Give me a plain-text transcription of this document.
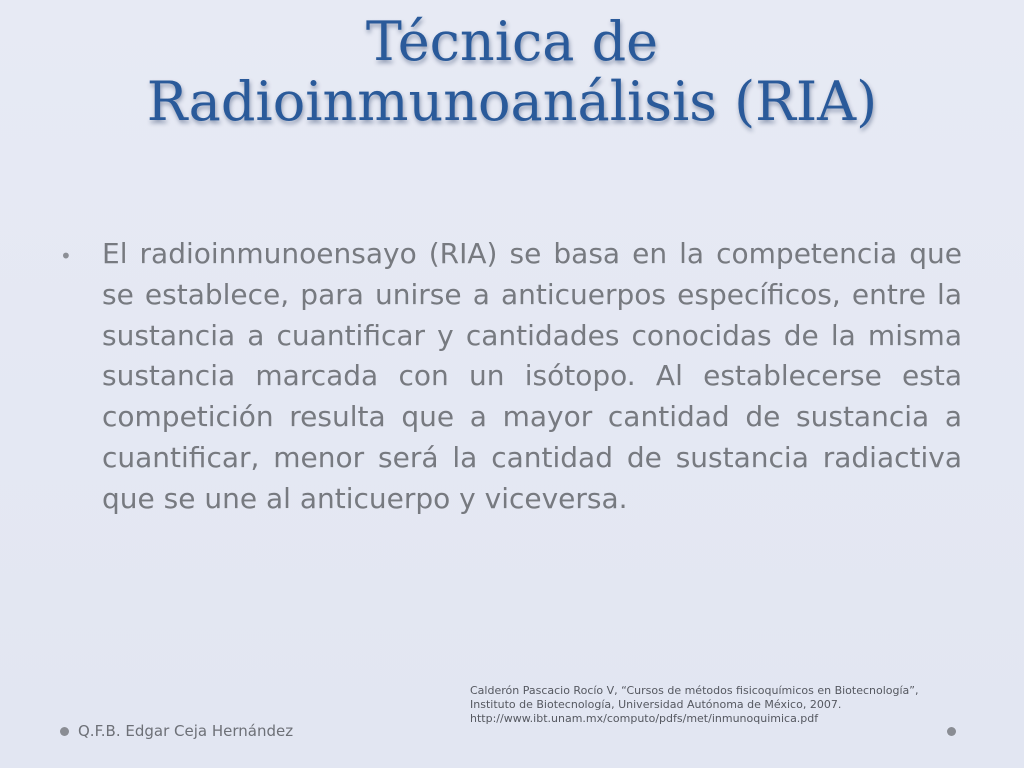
Técnica de
Radioinmunoanálisis (RIA)
• El radioinmunoensayo (RIA) se basa en la competencia que se establece, para unirse a anticuerpos específicos, entre la sustancia a cuantificar y cantidades conocidas de la misma sustancia marcada con un isótopo. Al establecerse esta competición resulta que a mayor cantidad de sustancia a cuantificar, menor será la cantidad de sustancia radiactiva que se une al anticuerpo y viceversa.

Calderón Pascacio Rocío V, “Cursos de métodos fisicoquímicos en Biotecnología”,
Instituto de Biotecnología, Universidad Autónoma de México, 2007.
http://www.ibt.unam.mx/computo/pdfs/met/inmunoquimica.pdf
Q.F.B. Edgar Ceja Hernández
